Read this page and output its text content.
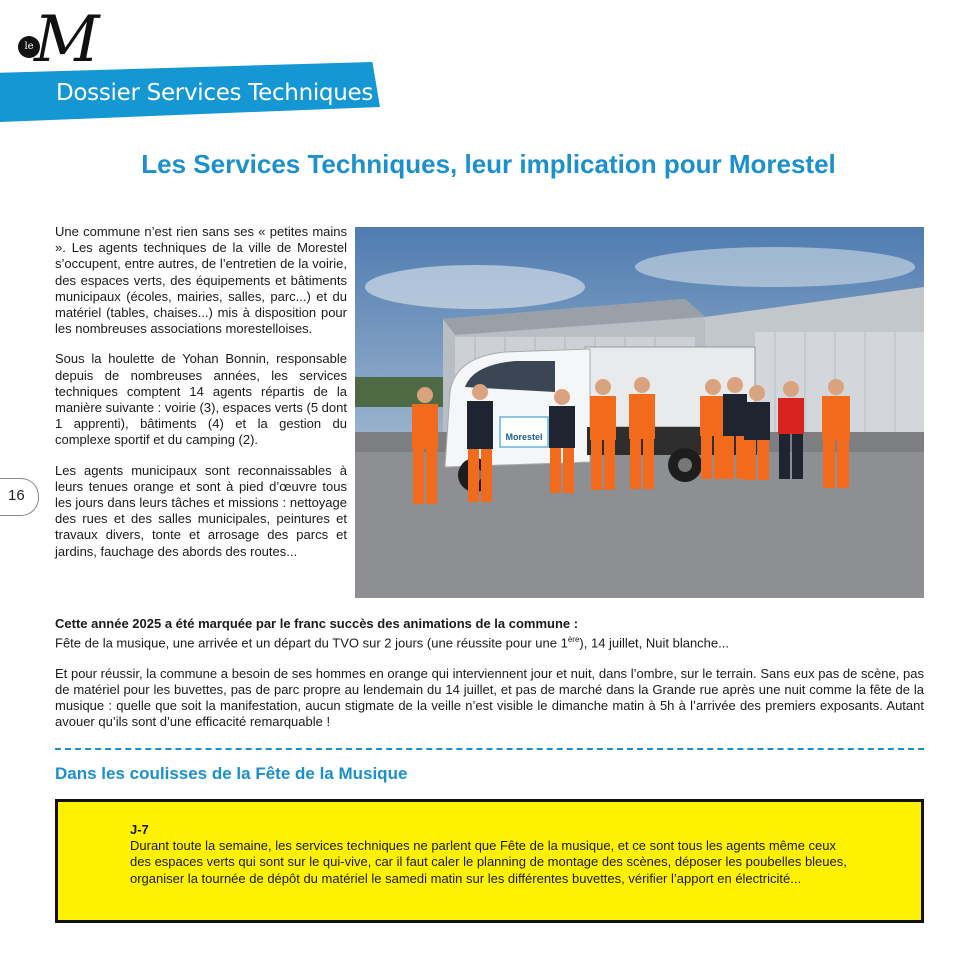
le M
Dossier Services Techniques
Les Services Techniques, leur implication pour Morestel
16

Une commune n’est rien sans ses « petites mains ». Les agents techniques de la ville de Morestel s’occupent, entre autres, de l’entretien de la voirie, des espaces verts, des équipements et bâtiments municipaux (écoles, mairies, salles, parc...) et du matériel (tables, chaises...) mis à disposition pour les nombreuses associations morestelloises.

Sous la houlette de Yohan Bonnin, responsable depuis de nombreuses années, les services techniques comptent 14 agents répartis de la manière suivante : voirie (3), espaces verts (5 dont 1 apprenti), bâtiments (4) et la gestion du complexe sportif et du camping (2).

Les agents municipaux sont reconnaissables à leurs tenues orange et sont à pied d’œuvre tous les jours dans leurs tâches et missions : nettoyage des rues et des salles municipales, peintures et travaux divers, tonte et arrosage des parcs et jardins, fauchage des abords des routes...

Morestel

Cette année 2025 a été marquée par le franc succès des animations de la commune :
Fête de la musique, une arrivée et un départ du TVO sur 2 jours (une réussite pour une 1ère), 14 juillet, Nuit blanche...

Et pour réussir, la commune a besoin de ses hommes en orange qui interviennent jour et nuit, dans l’ombre, sur le terrain. Sans eux pas de scène, pas de matériel pour les buvettes, pas de parc propre au lendemain du 14 juillet, et pas de marché dans la Grande rue après une nuit comme la fête de la musique : quelle que soit la manifestation, aucun stigmate de la veille n’est visible le dimanche matin à 5h à l’arrivée des premiers exposants. Autant avouer qu’ils sont d’une efficacité remarquable !

Dans les coulisses de la Fête de la Musique
J-7
Durant toute la semaine, les services techniques ne parlent que Fête de la musique, et ce sont tous les agents même ceux des espaces verts qui sont sur le qui-vive, car il faut caler le planning de montage des scènes, déposer les poubelles bleues, organiser la tournée de dépôt du matériel le samedi matin sur les différentes buvettes, vérifier l’apport en électricité...
